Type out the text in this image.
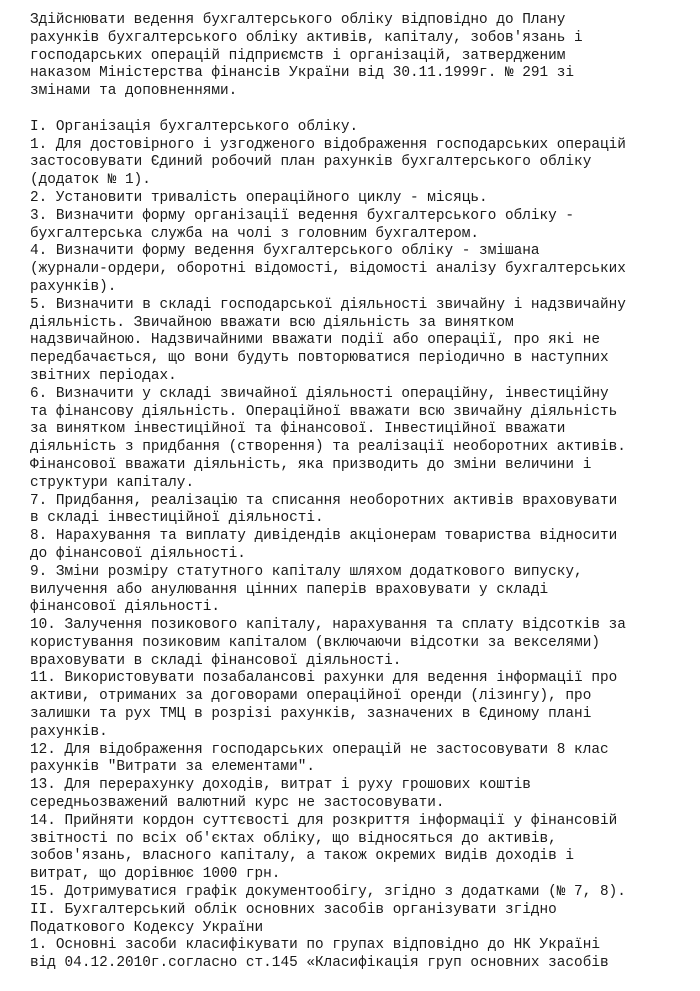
Здійснювати ведення бухгалтерського обліку відповідно до Плану

рахунків бухгалтерського обліку активів, капіталу, зобов'язань і

господарських операцій підприємств і організацій, затвердженим

наказом Міністерства фінансів України від 30.11.1999г. № 291 зі

змінами та доповненнями.

I. Організація бухгалтерського обліку.

1. Для достовірного і узгодженого відображення господарських операцій

застосовувати Єдиний робочий план рахунків бухгалтерського обліку

(додаток № 1).

2. Установити тривалість операційного циклу - місяць.

3. Визначити форму організації ведення бухгалтерського обліку -

бухгалтерська служба на чолі з головним бухгалтером.

4. Визначити форму ведення бухгалтерського обліку - змішана

(журнали-ордери, оборотні відомості, відомості аналізу бухгалтерських

рахунків).

5. Визначити в складі господарської діяльності звичайну і надзвичайну

діяльність. Звичайною вважати всю діяльність за винятком

надзвичайною. Надзвичайними вважати події або операції, про які не

передбачається, що вони будуть повторюватися періодично в наступних

звітних періодах.

6. Визначити у складі звичайної діяльності операційну, інвестиційну

та фінансову діяльність. Операційної вважати всю звичайну діяльність

за винятком інвестиційної та фінансової. Інвестиційної вважати

діяльність з придбання (створення) та реалізації необоротних активів.

Фінансової вважати діяльність, яка призводить до зміни величини і

структури капіталу.

7. Придбання, реалізацію та списання необоротних активів враховувати

в складі інвестиційної діяльності.

8. Нарахування та виплату дивідендів акціонерам товариства відносити

до фінансової діяльності.

9. Зміни розміру статутного капіталу шляхом додаткового випуску,

вилучення або анулювання цінних паперів враховувати у складі

фінансової діяльності.

10. Залучення позикового капіталу, нарахування та сплату відсотків за

користування позиковим капіталом (включаючи відсотки за векселями)

враховувати в складі фінансової діяльності.

11. Використовувати позабалансові рахунки для ведення інформації про

активи, отриманих за договорами операційної оренди (лізингу), про

залишки та рух ТМЦ в розрізі рахунків, зазначених в Єдиному плані

рахунків.

12. Для відображення господарських операцій не застосовувати 8 клас

рахунків "Витрати за елементами".

13. Для перерахунку доходів, витрат і руху грошових коштів

середньозважений валютний курс не застосовувати.

14. Прийняти кордон суттєвості для розкриття інформації у фінансовій

звітності по всіх об'єктах обліку, що відносяться до активів,

зобов'язань, власного капіталу, а також окремих видів доходів і

витрат, що дорівнює 1000 грн.

15. Дотримуватися графік документообігу, згідно з додатками (№ 7, 8).

II. Бухгалтерський облік основних засобів організувати згідно

Податкового Кодексу України

1. Основні засоби класифікувати по групах відповідно до НК Україні

від 04.12.2010г.согласно ст.145 «Класифікація груп основних засобів
